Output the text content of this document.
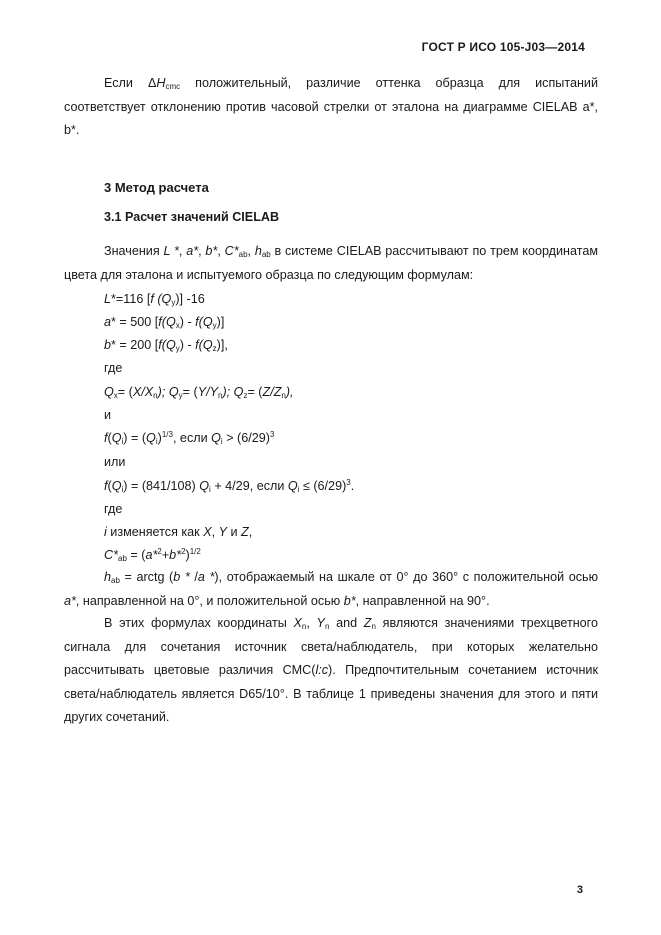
ГОСТ Р ИСО 105-J03—2014
Если $\Delta H_{cmc}$ положительный, различие оттенка образца для испытаний соответствует отклонению против часовой стрелки от эталона на диаграмме CIELAB a*, b*.
3 Метод расчета
3.1 Расчет значений CIELAB
Значения L *, a*, b*, $C*_{ab}$, $h_{ab}$ в системе CIELAB рассчитывают по трем координатам цвета для эталона и испытуемого образца по следующим формулам:
L*=116 [f $(Q_y)$] -16
a* = 500 $[f(Q_x) - f(Q_y)]$
b* = 200 $[f(Q_y) - f(Q_z)]$,
где
$Q_x= (X/X_n)$; $Q_y= (Y/Y_n)$; $Q_z= (Z/Z_n)$,
и
$f(Q_i) = (Q_i)^{1/3}$, если $Q_i > (6/29)^3$
или
$f(Q_i) = (841/108) Q_i + 4/29$, если $Q_i \le (6/29)^3$.
где
i изменяется как X, Y и Z,
$C*_{ab} = (a*^2+b*^2)^{1/2}$
$h_{ab}$ = arctg (b * /a *), отображаемый на шкале от 0° до 360° с положительной осью a*, направленной на 0°, и положительной осью b*, направленной на 90°.
В этих формулах координаты $X_n$, $Y_n$ and $Z_n$ являются значениями трехцветного сигнала для сочетания источник света/наблюдатель, при которых желательно рассчитывать цветовые различия CMC(l:c). Предпочтительным сочетанием источник света/наблюдатель является D65/10°. В таблице 1 приведены значения для этого и пяти других сочетаний.
3
